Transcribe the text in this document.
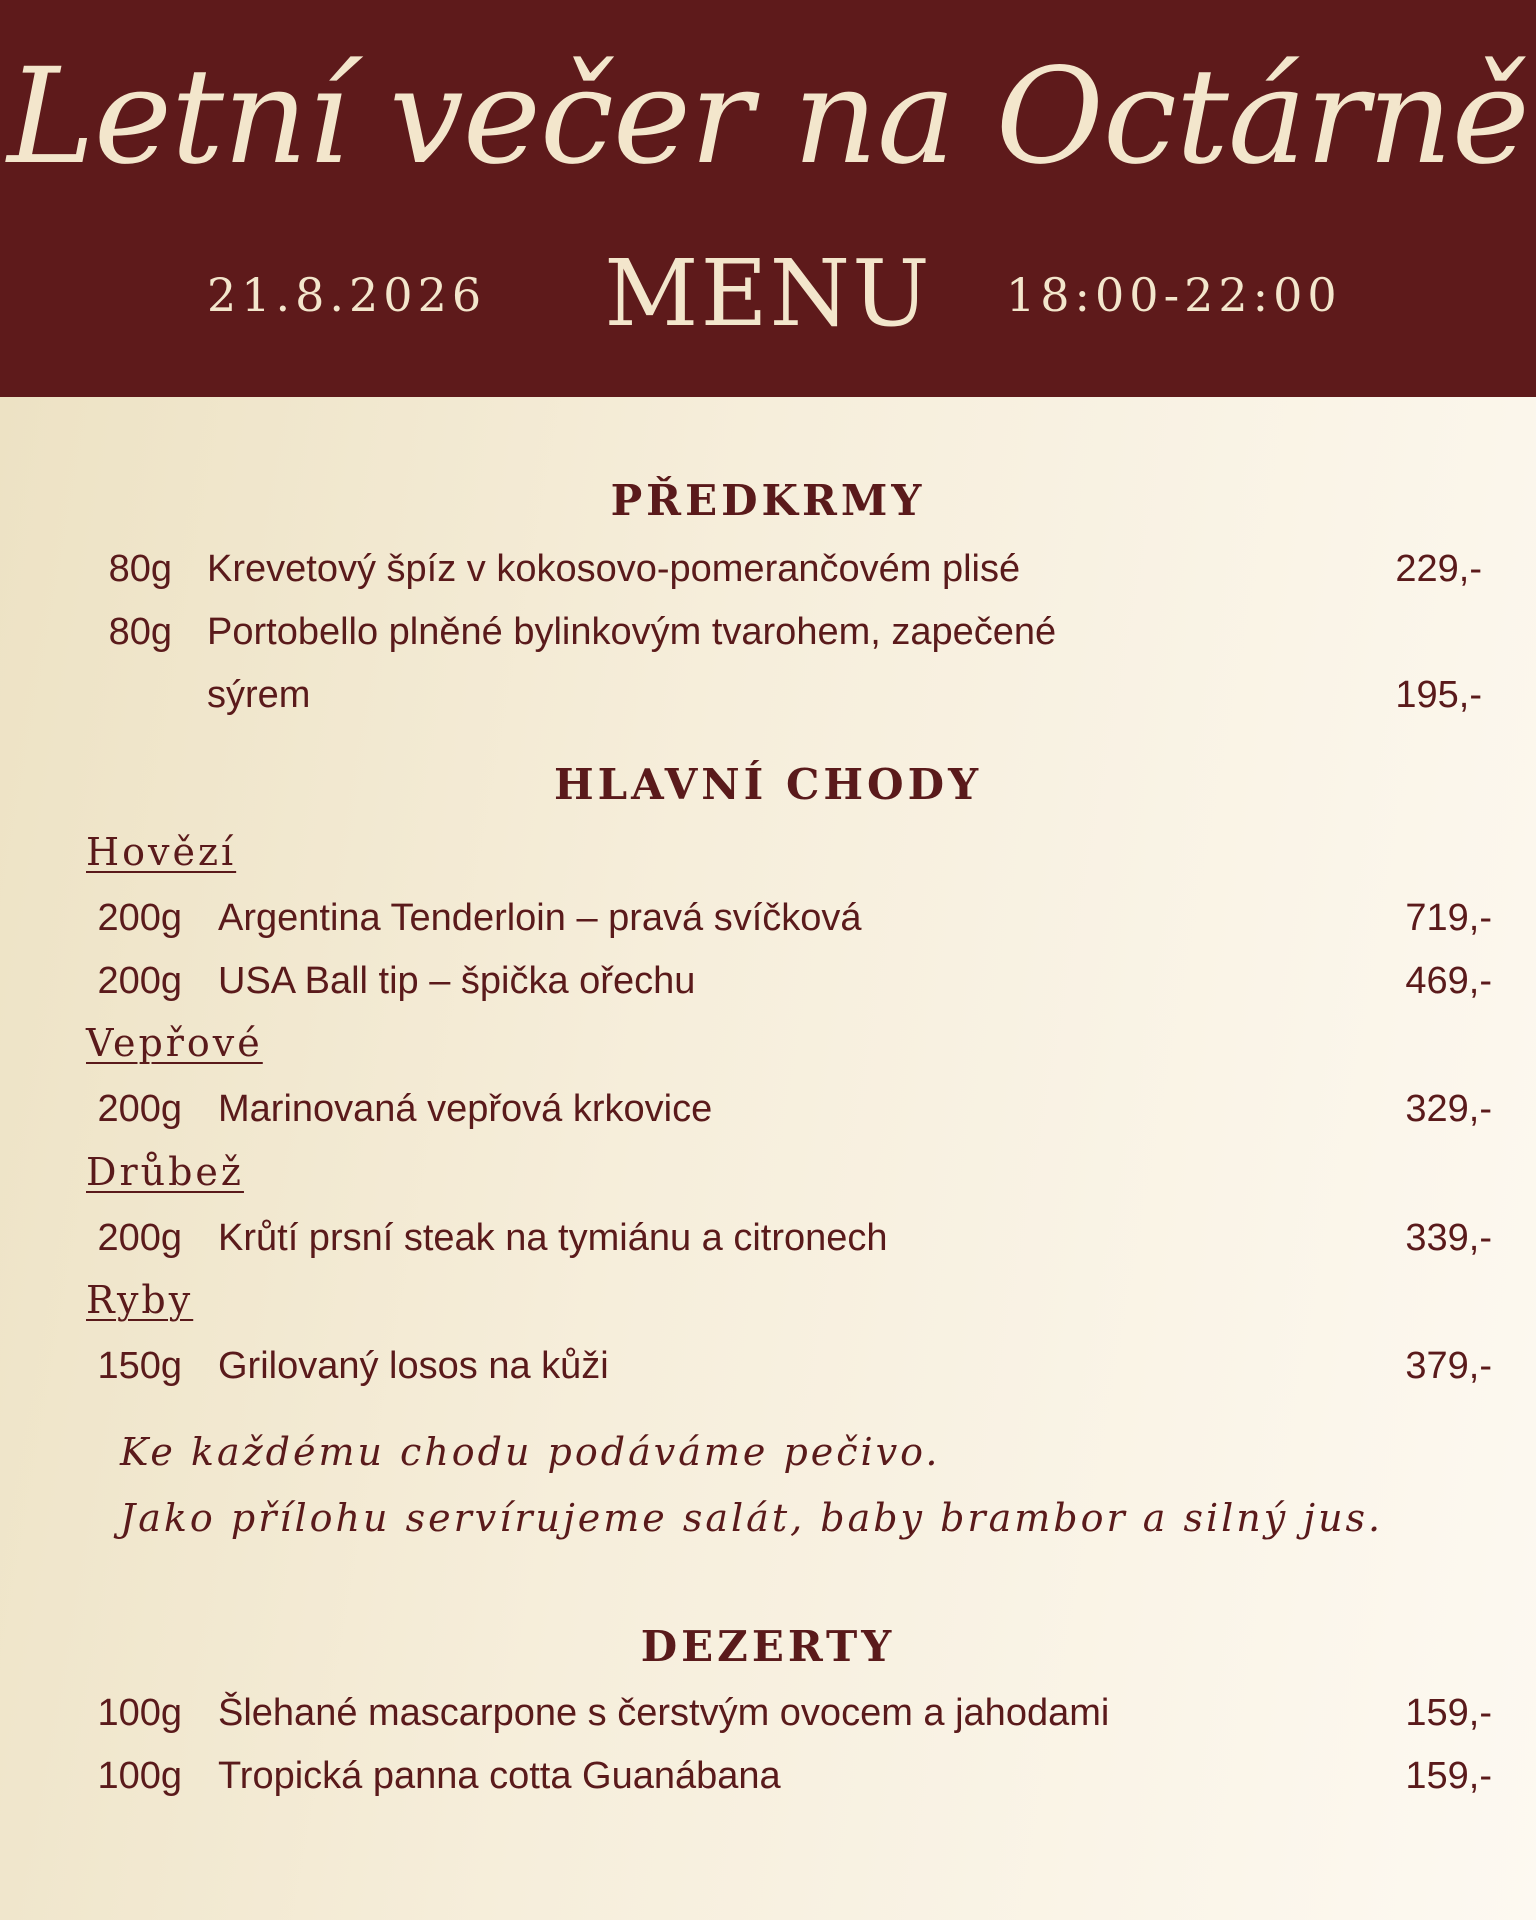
Letní večer na Octárně
21.8.2026	MENU	18:00-22:00
PŘEDKRMY
80g Krevetový špíz v kokosovo-pomerančovém plisé	229,-
80g Portobello plněné bylinkovým tvarohem, zapečené
sýrem	195,-
HLAVNÍ CHODY
Hovězí
200g Argentina Tenderloin – pravá svíčková	719,-
200g USA Ball tip – špička ořechu	469,-
Vepřové
200g Marinovaná vepřová krkovice	329,-
Drůbež
200g Krůtí prsní steak na tymiánu a citronech	339,-
Ryby
150g Grilovaný losos na kůži	379,-
Ke každému chodu podáváme pečivo.
Jako přílohu servírujeme salát, baby brambor a silný jus.
DEZERTY
100g Šlehané mascarpone s čerstvým ovocem a jahodami	159,-
100g Tropická panna cotta Guanábana	159,-
